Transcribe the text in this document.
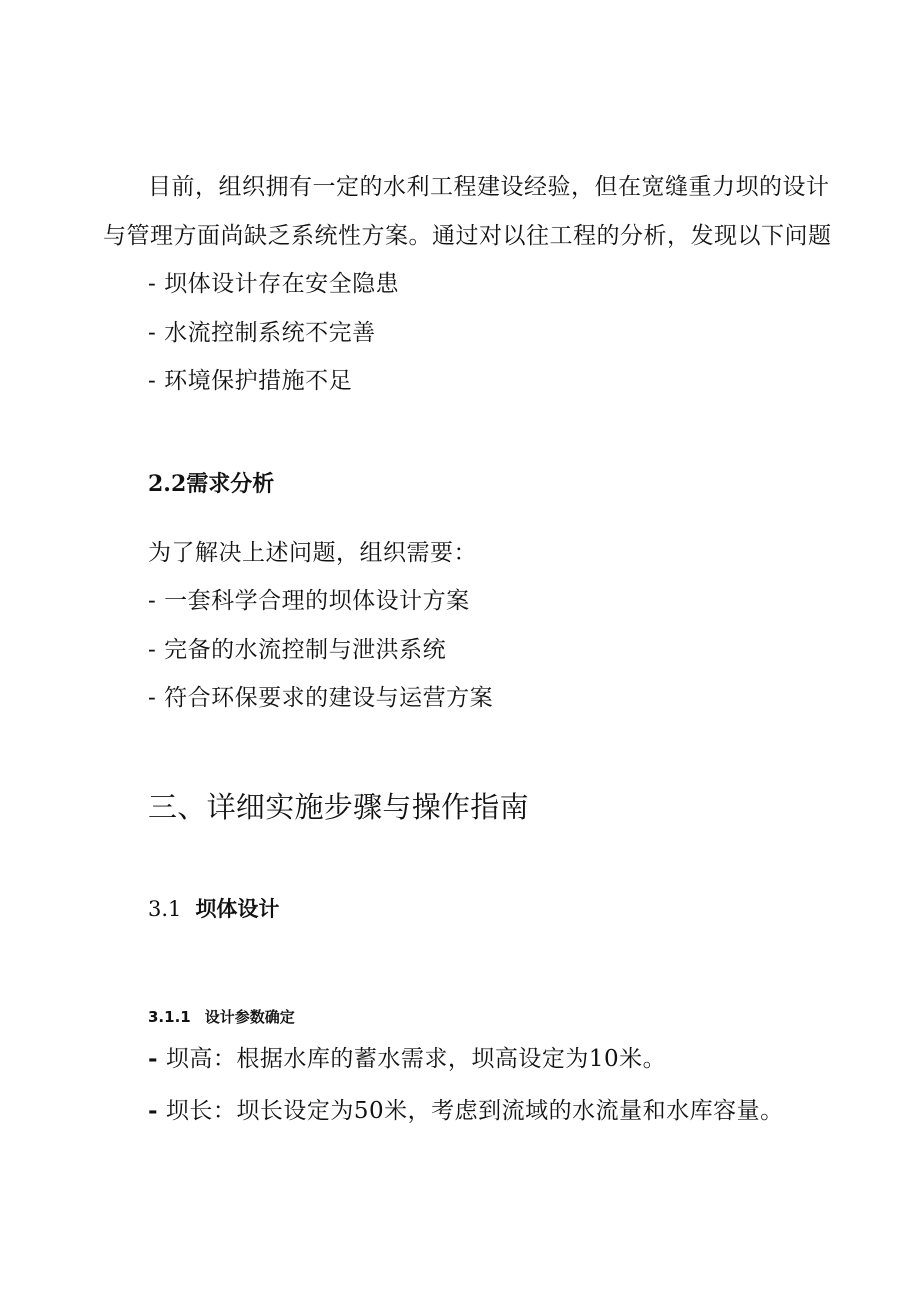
目前，组织拥有一定的水利工程建设经验，但在宽缝重力坝的设计
与管理方面尚缺乏系统性方案。通过对以往工程的分析，发现以下问题
- 坝体设计存在安全隐患
- 水流控制系统不完善
- 环境保护措施不足
2.2需求分析
为了解决上述问题，组织需要：
- 一套科学合理的坝体设计方案
- 完备的水流控制与泄洪系统
- 符合环保要求的建设与运营方案
三、详细实施步骤与操作指南
3.1 坝体设计
3.1.1 设计参数确定
- 坝高：根据水库的蓄水需求，坝高设定为10米。
- 坝长：坝长设定为50米，考虑到流域的水流量和水库容量。
